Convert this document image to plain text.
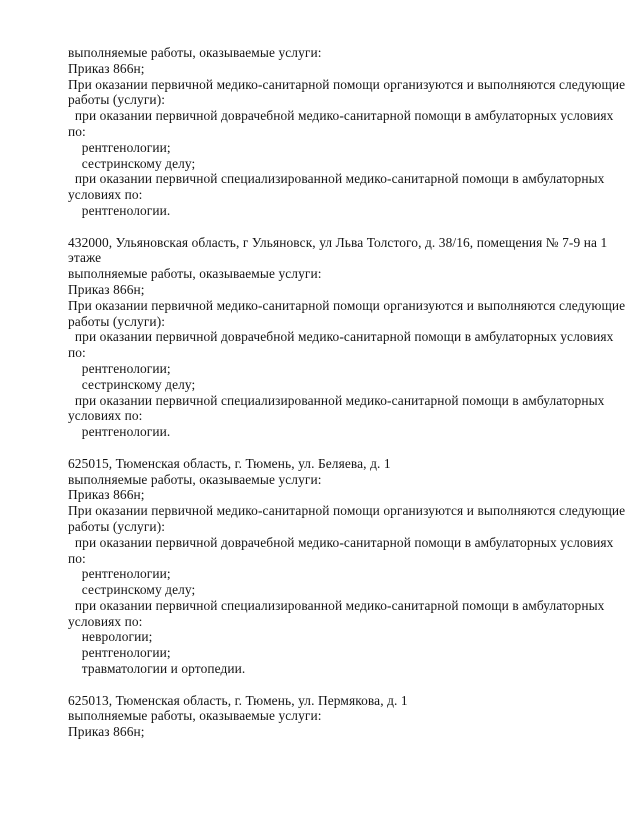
выполняемые работы, оказываемые услуги:
Приказ 866н;
При оказании первичной медико-санитарной помощи организуются и выполняются следующие
работы (услуги):
при оказании первичной доврачебной медико-санитарной помощи в амбулаторных условиях
по:
рентгенологии;
сестринскому делу;
при оказании первичной специализированной медико-санитарной помощи в амбулаторных
условиях по:
рентгенологии.
432000, Ульяновская область, г Ульяновск, ул Льва Толстого, д. 38/16, помещения № 7-9 на 1
этаже
выполняемые работы, оказываемые услуги:
Приказ 866н;
При оказании первичной медико-санитарной помощи организуются и выполняются следующие
работы (услуги):
при оказании первичной доврачебной медико-санитарной помощи в амбулаторных условиях
по:
рентгенологии;
сестринскому делу;
при оказании первичной специализированной медико-санитарной помощи в амбулаторных
условиях по:
рентгенологии.
625015, Тюменская область, г. Тюмень, ул. Беляева, д. 1
выполняемые работы, оказываемые услуги:
Приказ 866н;
При оказании первичной медико-санитарной помощи организуются и выполняются следующие
работы (услуги):
при оказании первичной доврачебной медико-санитарной помощи в амбулаторных условиях
по:
рентгенологии;
сестринскому делу;
при оказании первичной специализированной медико-санитарной помощи в амбулаторных
условиях по:
неврологии;
рентгенологии;
травматологии и ортопедии.
625013, Тюменская область, г. Тюмень, ул. Пермякова, д. 1
выполняемые работы, оказываемые услуги:
Приказ 866н;
